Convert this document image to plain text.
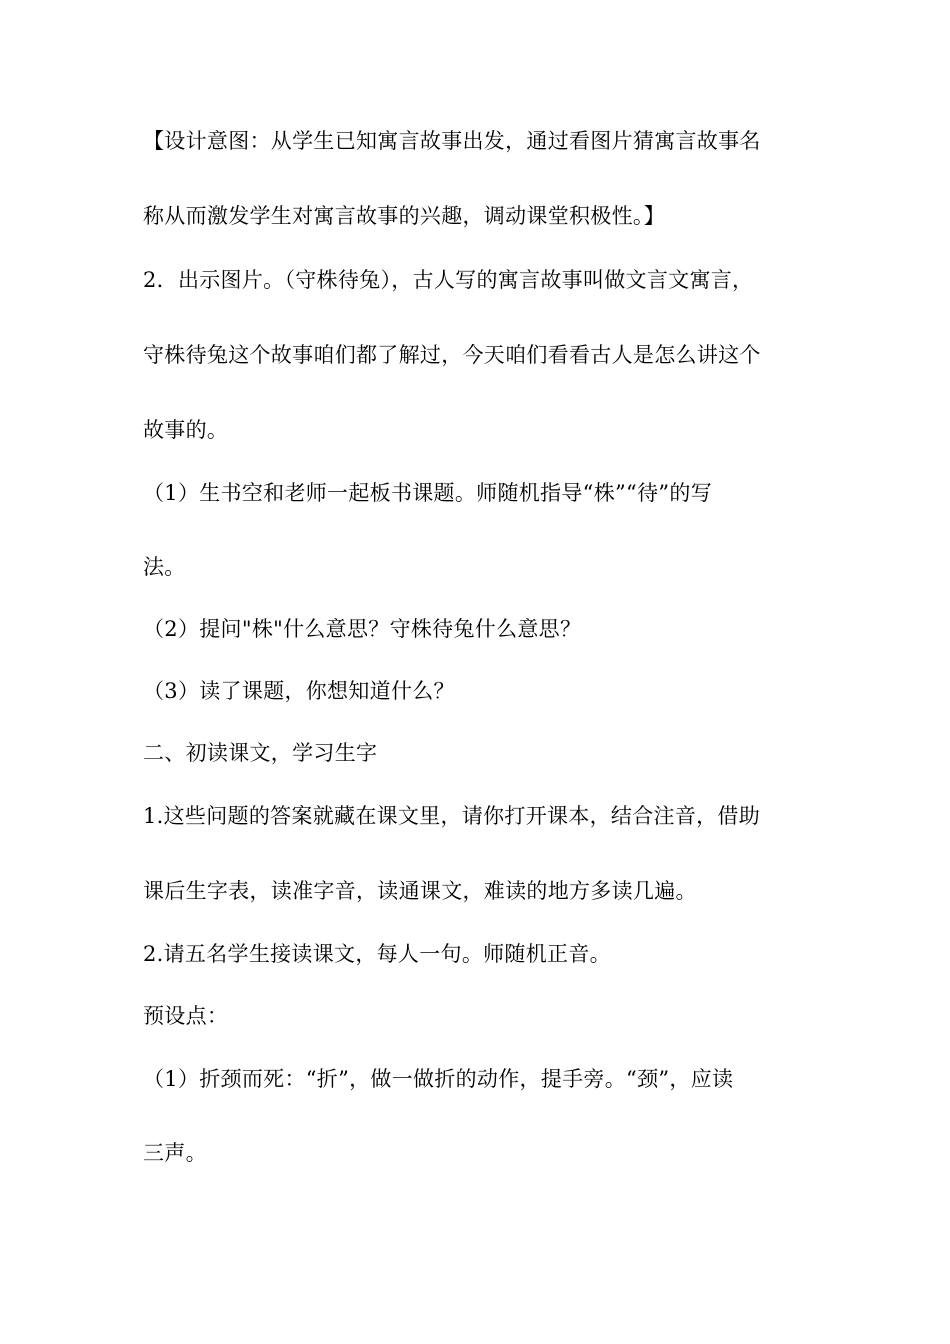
【设计意图：从学生已知寓言故事出发，通过看图片猜寓言故事名
称从而激发学生对寓言故事的兴趣，调动课堂积极性。】
2．出示图片。（守株待兔），古人写的寓言故事叫做文言文寓言，
守株待兔这个故事咱们都了解过，今天咱们看看古人是怎么讲这个
故事的。
（1）生书空和老师一起板书课题。师随机指导“株”“待”的写
法。
（2）提问"株"什么意思？守株待兔什么意思？
（3）读了课题，你想知道什么？
二、初读课文，学习生字
1.这些问题的答案就藏在课文里，请你打开课本，结合注音，借助
课后生字表，读准字音，读通课文，难读的地方多读几遍。
2.请五名学生接读课文，每人一句。师随机正音。
预设点：
（1）折颈而死：“折”，做一做折的动作，提手旁。“颈”，应读
三声。
